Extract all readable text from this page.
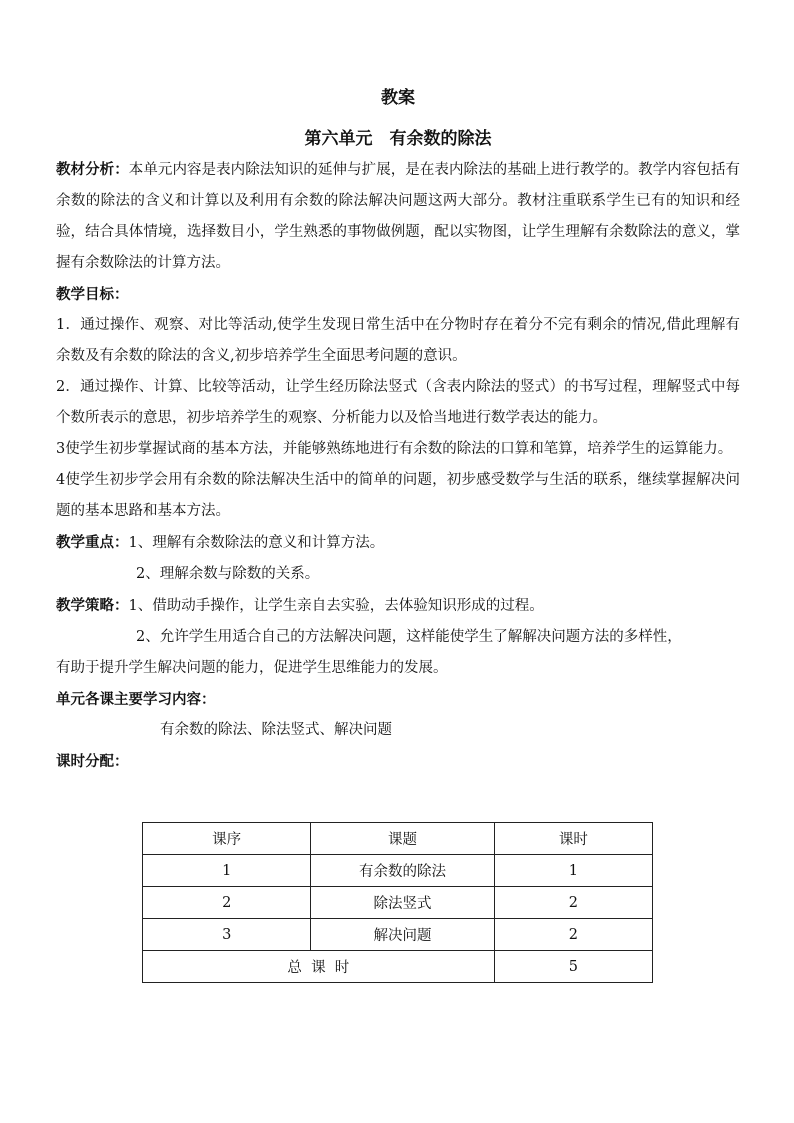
教案
第六单元　有余数的除法

教材分析：本单元内容是表内除法知识的延伸与扩展，是在表内除法的基础上进行教学的。教学内容包括有余数的除法的含义和计算以及利用有余数的除法解决问题这两大部分。教材注重联系学生已有的知识和经验，结合具体情境，选择数目小，学生熟悉的事物做例题，配以实物图，让学生理解有余数除法的意义，掌握有余数除法的计算方法。

教学目标：

1．通过操作、观察、对比等活动,使学生发现日常生活中在分物时存在着分不完有剩余的情况,借此理解有余数及有余数的除法的含义,初步培养学生全面思考问题的意识。

2．通过操作、计算、比较等活动，让学生经历除法竖式（含表内除法的竖式）的书写过程，理解竖式中每个数所表示的意思，初步培养学生的观察、分析能力以及恰当地进行数学表达的能力。

3使学生初步掌握试商的基本方法，并能够熟练地进行有余数的除法的口算和笔算，培养学生的运算能力。

4使学生初步学会用有余数的除法解决生活中的简单的问题，初步感受数学与生活的联系，继续掌握解决问题的基本思路和基本方法。

教学重点：1、理解有余数除法的意义和计算方法。

2、理解余数与除数的关系。

教学策略：1、借助动手操作，让学生亲自去实验，去体验知识形成的过程。

2、允许学生用适合自己的方法解决问题，这样能使学生了解解决问题方法的多样性，

有助于提升学生解决问题的能力，促进学生思维能力的发展。

单元各课主要学习内容：

有余数的除法、除法竖式、解决问题

课时分配：

课序	课题	课时
1	有余数的除法	1
2	除法竖式	2
3	解决问题	2
总  课  时		5
